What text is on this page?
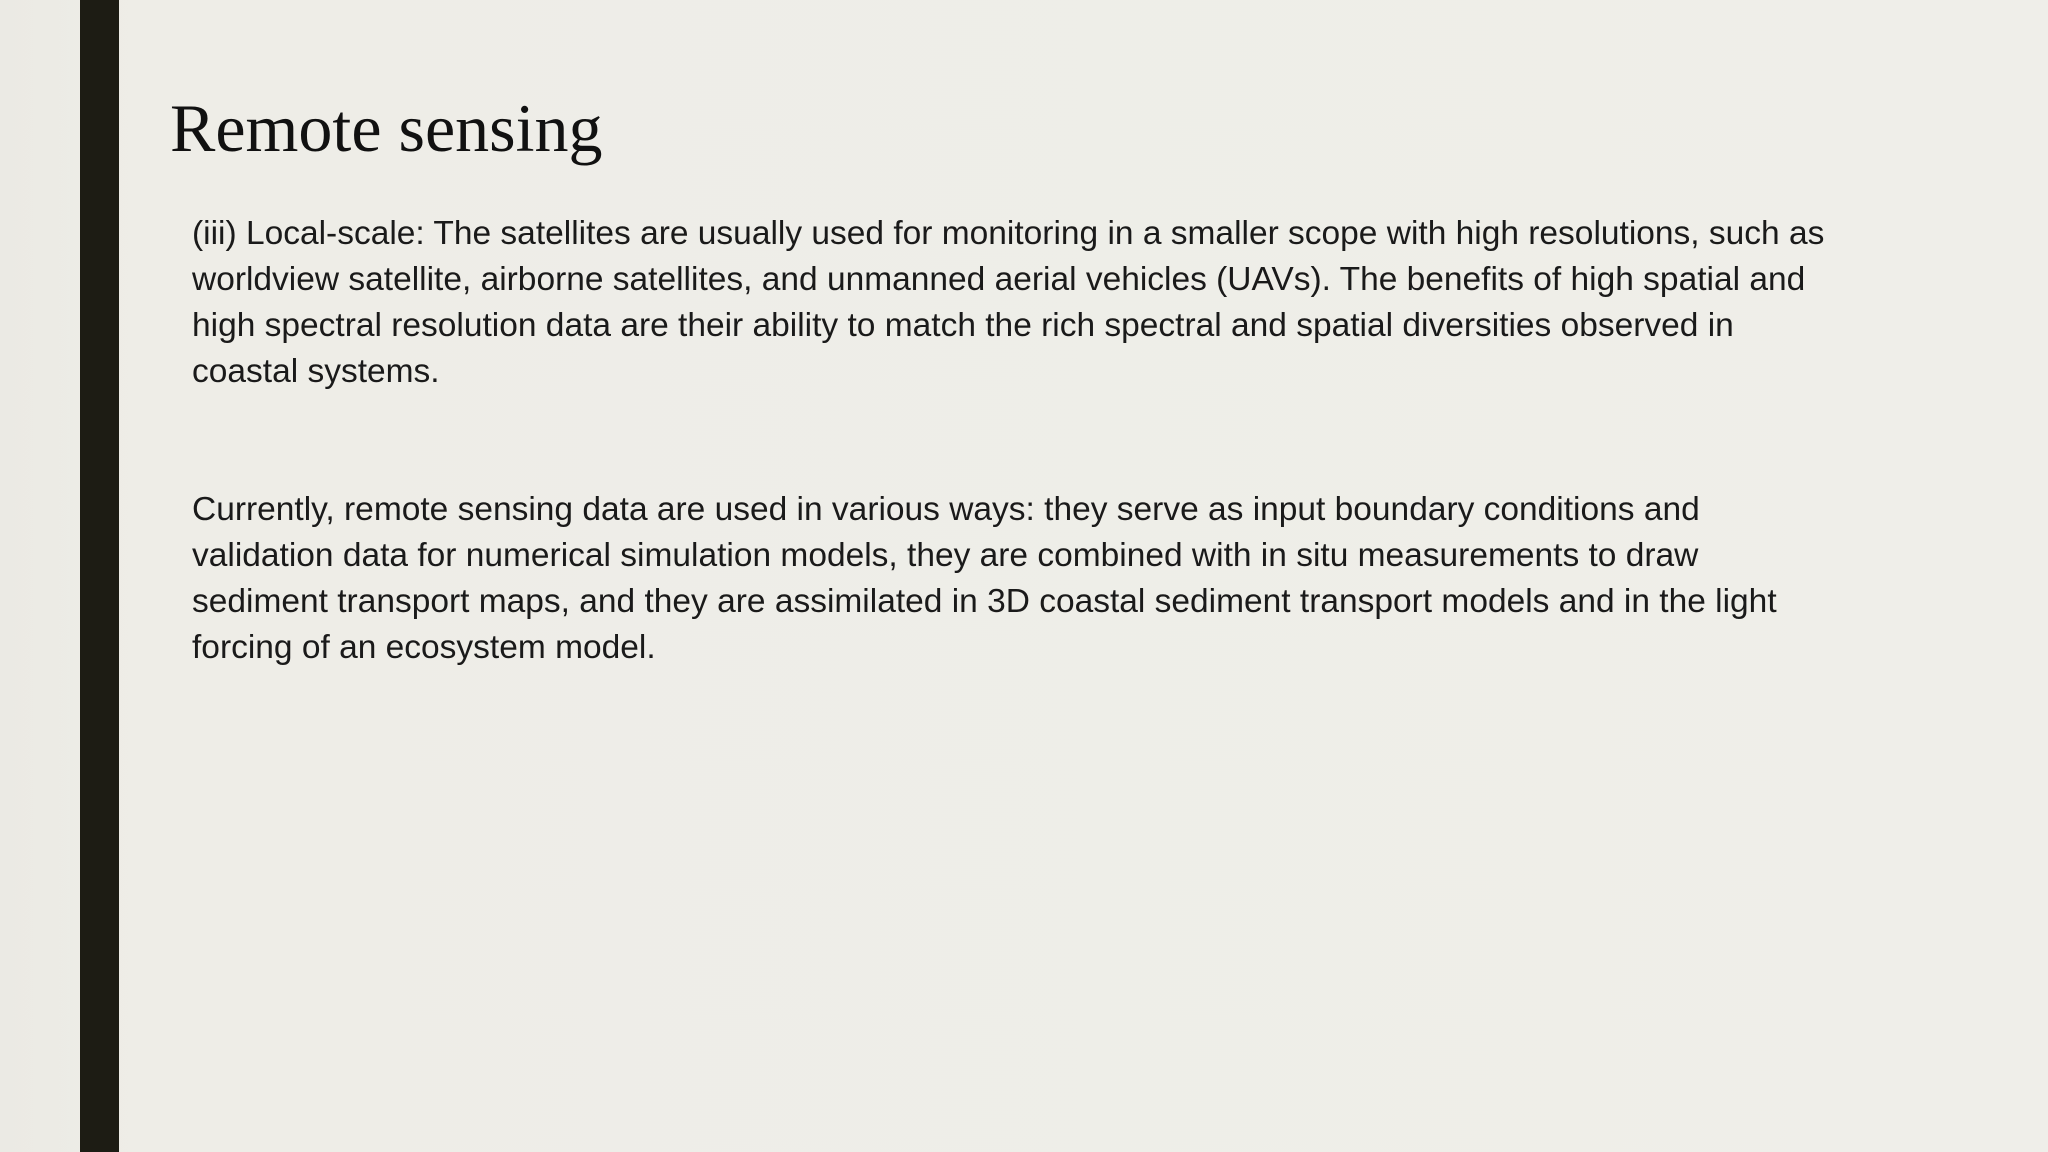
Remote sensing

(iii) Local-scale: The satellites are usually used for monitoring in a smaller scope with high resolutions, such as
worldview satellite, airborne satellites, and unmanned aerial vehicles (UAVs). The benefits of high spatial and
high spectral resolution data are their ability to match the rich spectral and spatial diversities observed in
coastal systems.

Currently, remote sensing data are used in various ways: they serve as input boundary conditions and
validation data for numerical simulation models, they are combined with in situ measurements to draw
sediment transport maps, and they are assimilated in 3D coastal sediment transport models and in the light
forcing of an ecosystem model.
